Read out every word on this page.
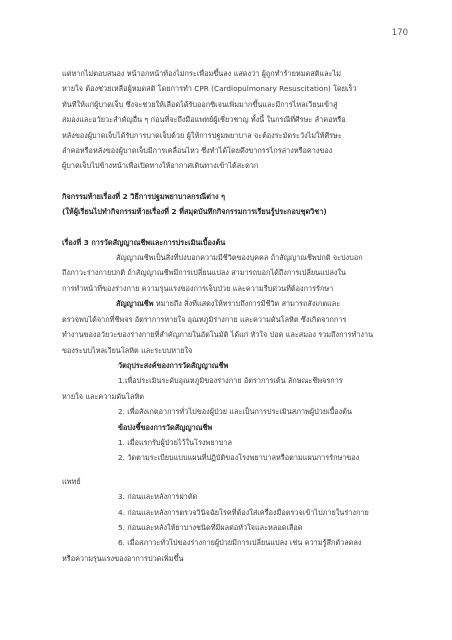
170

แต่หากไม่ตอบสนอง หน้าอกหน้าท้องไม่กระเพื่อมขึ้นลง แสดงว่า ผู้ถูกทำร้ายหมดสติและไม่

หายใจ ต้องช่วยเหลือผู้หมดสติ โดยการทำ CPR (Cardiopulmonary Resuscitation) โดยเร็ว

ทันทีให้แก่ผู้บาดเจ็บ ซึ่งจะช่วยให้เลือดได้รับออกซิเจนเพิ่มมากขึ้นและมีการไหลเวียนเข้าสู่

สมองและอวัยวะสำคัญอื่น ๆ ก่อนที่จะถึงมือแพทย์ผู้เชี่ยวชาญ ทั้งนี้ ในกรณีที่ศีรษะ ลำคอหรือ

หลังของผู้บาดเจ็บได้รับการบาดเจ็บด้วย ผู้ให้การปฐมพยาบาล จะต้องระมัดระวังไม่ให้ศีรษะ

ลำคอหรือหลังของผู้บาดเจ็บมีการเคลื่อนไหว ซึ่งทำได้โดยดึงขากรรไกรล่างหรือคางของ

ผู้บาดเจ็บไปข้างหน้าเพื่อเปิดทางให้อากาศเดินทางเข้าได้สะดวก

กิจกรรมท้ายเรื่องที่ 2 วิธีการปฐมพยาบาลกรณีต่าง ๆ

(ให้ผู้เรียนไปทำกิจกรรมท้ายเรื่องที่ 2 ที่สมุดบันทึกกิจกรรมการเรียนรู้ประกอบชุดวิชา)

เรื่องที่ 3 การวัดสัญญาณชีพและการประเมินเบื้องต้น

สัญญาณชีพเป็นสิ่งที่บ่งบอกความมีชีวิตของบุคคล ถ้าสัญญาณชีพปกติ จะบ่งบอก

ถึงภาวะร่างกายปกติ ถ้าสัญญาณชีพมีการเปลี่ยนแปลง สามารถบอกได้ถึงการเปลี่ยนแปลงใน

การทำหน้าที่ของร่างกาย ความรุนแรงของการเจ็บป่วย และความรีบด่วนที่ต้องการรักษา

สัญญาณชีพ หมายถึง สิ่งที่แสดงให้ทราบถึงการมีชีวิต สามารถสังเกตและ

ตรวจพบได้จากที่ชีพจร อัตราการหายใจ อุณหภูมิร่างกาย และความดันโลหิต ซึ่งเกิดจากการ

ทำงานของอวัยวะของร่างกายที่สำคัญภายในอัตโนมัติ ได้แก่ หัวใจ ปอด และสมอง รวมถึงการทำงาน

ของระบบไหลเวียนโลหิต และระบบหายใจ

วัตถุประสงค์ของการวัดสัญญาณชีพ

1.เพื่อประเมินระดับอุณหภูมิของร่างกาย อัตราการเต้น ลักษณะชีพจรการ

หายใจ และความดันโลหิต

2. เพื่อสังเกตอาการทั่วไปของผู้ป่วย และเป็นการประเมินสภาพผู้ป่วยเบื้องต้น

ข้อบ่งชี้ของการวัดสัญญาณชีพ

1. เมื่อแรกรับผู้ป่วยไว้ในโรงพยาบาล

2. วัดตามระเบียบแบบแผนที่ปฏิบัติของโรงพยาบาลหรือตามแผนการรักษาของ

แพทย์

3. ก่อนและหลังการผ่าตัด

4. ก่อนและหลังการตรวจวินิจฉัยโรคที่ต้องใส่เครื่องมือตรวจเข้าไปภายในร่างกาย

5. ก่อนและหลังให้ยาบางชนิดที่มีผลต่อหัวใจและหลอดเลือด

6. เมื่อสภาวะทั่วไปของร่างกายผู้ป่วยมีการเปลี่ยนแปลง เช่น ความรู้สึกตัวลดลง

หรือความรุนแรงของอาการปวดเพิ่มขึ้น
